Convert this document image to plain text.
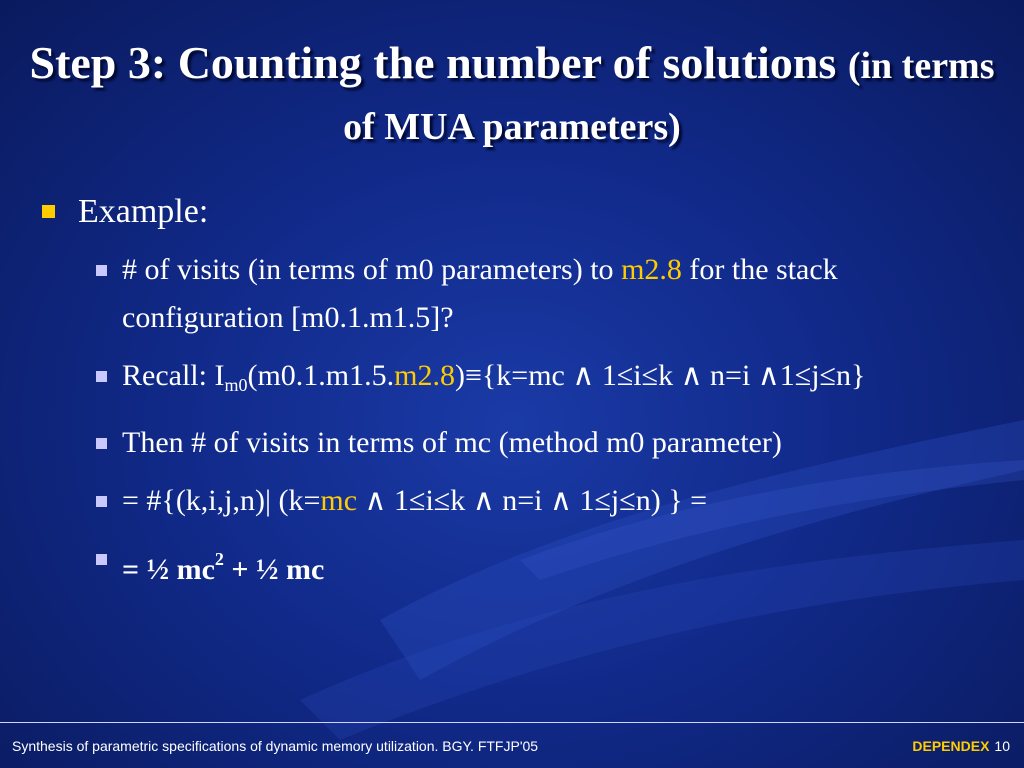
Step 3: Counting the number of solutions (in terms of MUA parameters)
Example:
# of visits (in terms of m0 parameters) to m2.8 for the stack configuration [m0.1.m1.5]?
Recall: $I_{m0}(m0.1.m1.5.m2.8)\equiv\{k=mc$ ∧ 1≤i≤k ∧ n=i ∧1≤j≤n}
Then # of visits in terms of mc (method m0 parameter)
= #{(k,i,j,n)| (k=mc ∧ 1≤i≤k ∧ n=i ∧ 1≤j≤n) } =
= ½ $mc^2$ + ½ mc
Synthesis of parametric specifications of dynamic memory utilization. BGY. FTFJP'05	DEPENDEX 10
